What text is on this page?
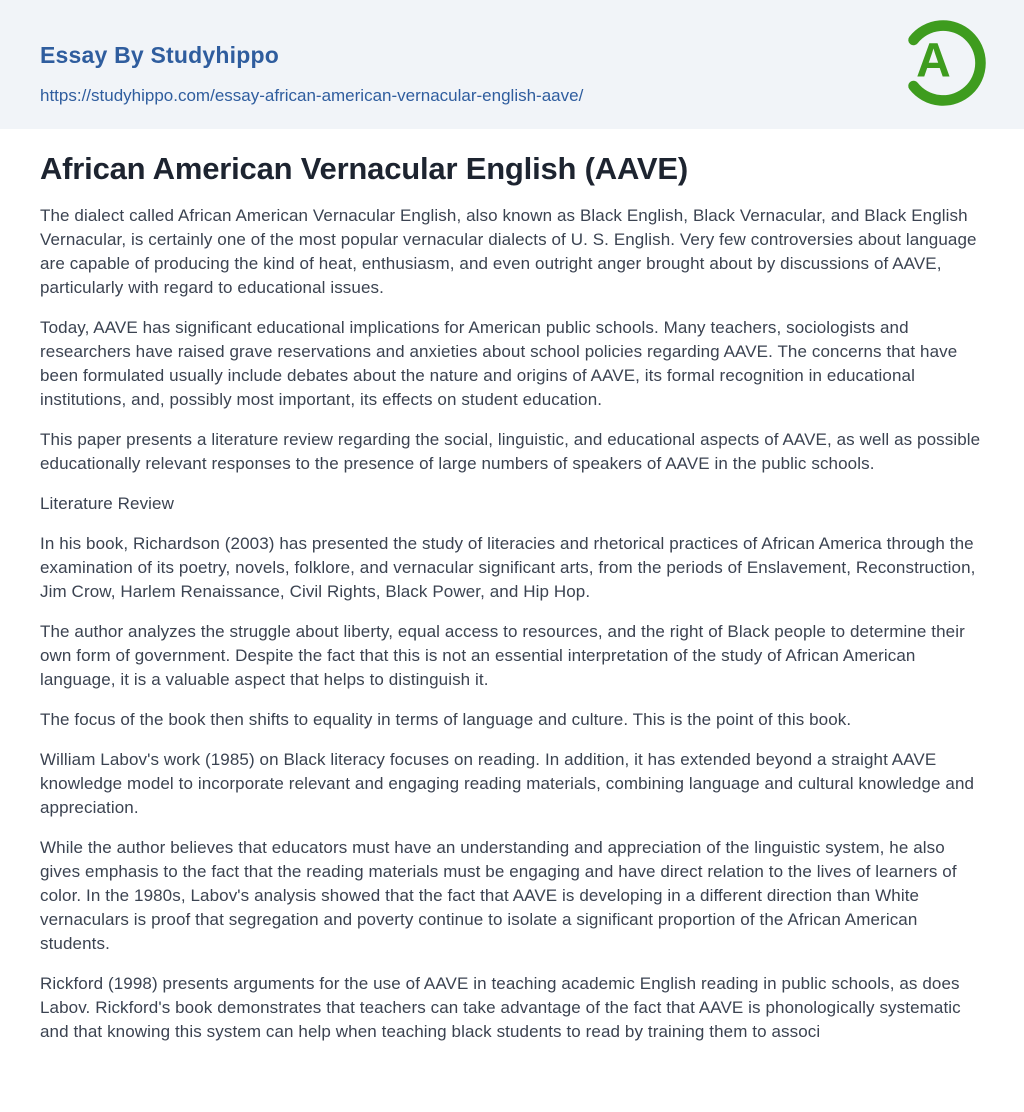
Essay By Studyhippo
https://studyhippo.com/essay-african-american-vernacular-english-aave/
A
African American Vernacular English (AAVE)

The dialect called African American Vernacular English, also known as Black English, Black Vernacular, and Black English Vernacular, is certainly one of the most popular vernacular dialects of U. S. English. Very few controversies about language are capable of producing the kind of heat, enthusiasm, and even outright anger brought about by discussions of AAVE, particularly with regard to educational issues.

Today, AAVE has significant educational implications for American public schools. Many teachers, sociologists and researchers have raised grave reservations and anxieties about school policies regarding AAVE. The concerns that have been formulated usually include debates about the nature and origins of AAVE, its formal recognition in educational institutions, and, possibly most important, its effects on student education.

This paper presents a literature review regarding the social, linguistic, and educational aspects of AAVE, as well as possible educationally relevant responses to the presence of large numbers of speakers of AAVE in the public schools.

Literature Review

In his book, Richardson (2003) has presented the study of literacies and rhetorical practices of African America through the examination of its poetry, novels, folklore, and vernacular significant arts, from the periods of Enslavement, Reconstruction, Jim Crow, Harlem Renaissance, Civil Rights, Black Power, and Hip Hop.

The author analyzes the struggle about liberty, equal access to resources, and the right of Black people to determine their own form of government. Despite the fact that this is not an essential interpretation of the study of African American language, it is a valuable aspect that helps to distinguish it.

The focus of the book then shifts to equality in terms of language and culture. This is the point of this book.

William Labov's work (1985) on Black literacy focuses on reading. In addition, it has extended beyond a straight AAVE knowledge model to incorporate relevant and engaging reading materials, combining language and cultural knowledge and appreciation.

While the author believes that educators must have an understanding and appreciation of the linguistic system, he also gives emphasis to the fact that the reading materials must be engaging and have direct relation to the lives of learners of color. In the 1980s, Labov's analysis showed that the fact that AAVE is developing in a different direction than White vernaculars is proof that segregation and poverty continue to isolate a significant proportion of the African American students.

Rickford (1998) presents arguments for the use of AAVE in teaching academic English reading in public schools, as does Labov. Rickford's book demonstrates that teachers can take advantage of the fact that AAVE is phonologically systematic and that knowing this system can help when teaching black students to read by training them to associ
